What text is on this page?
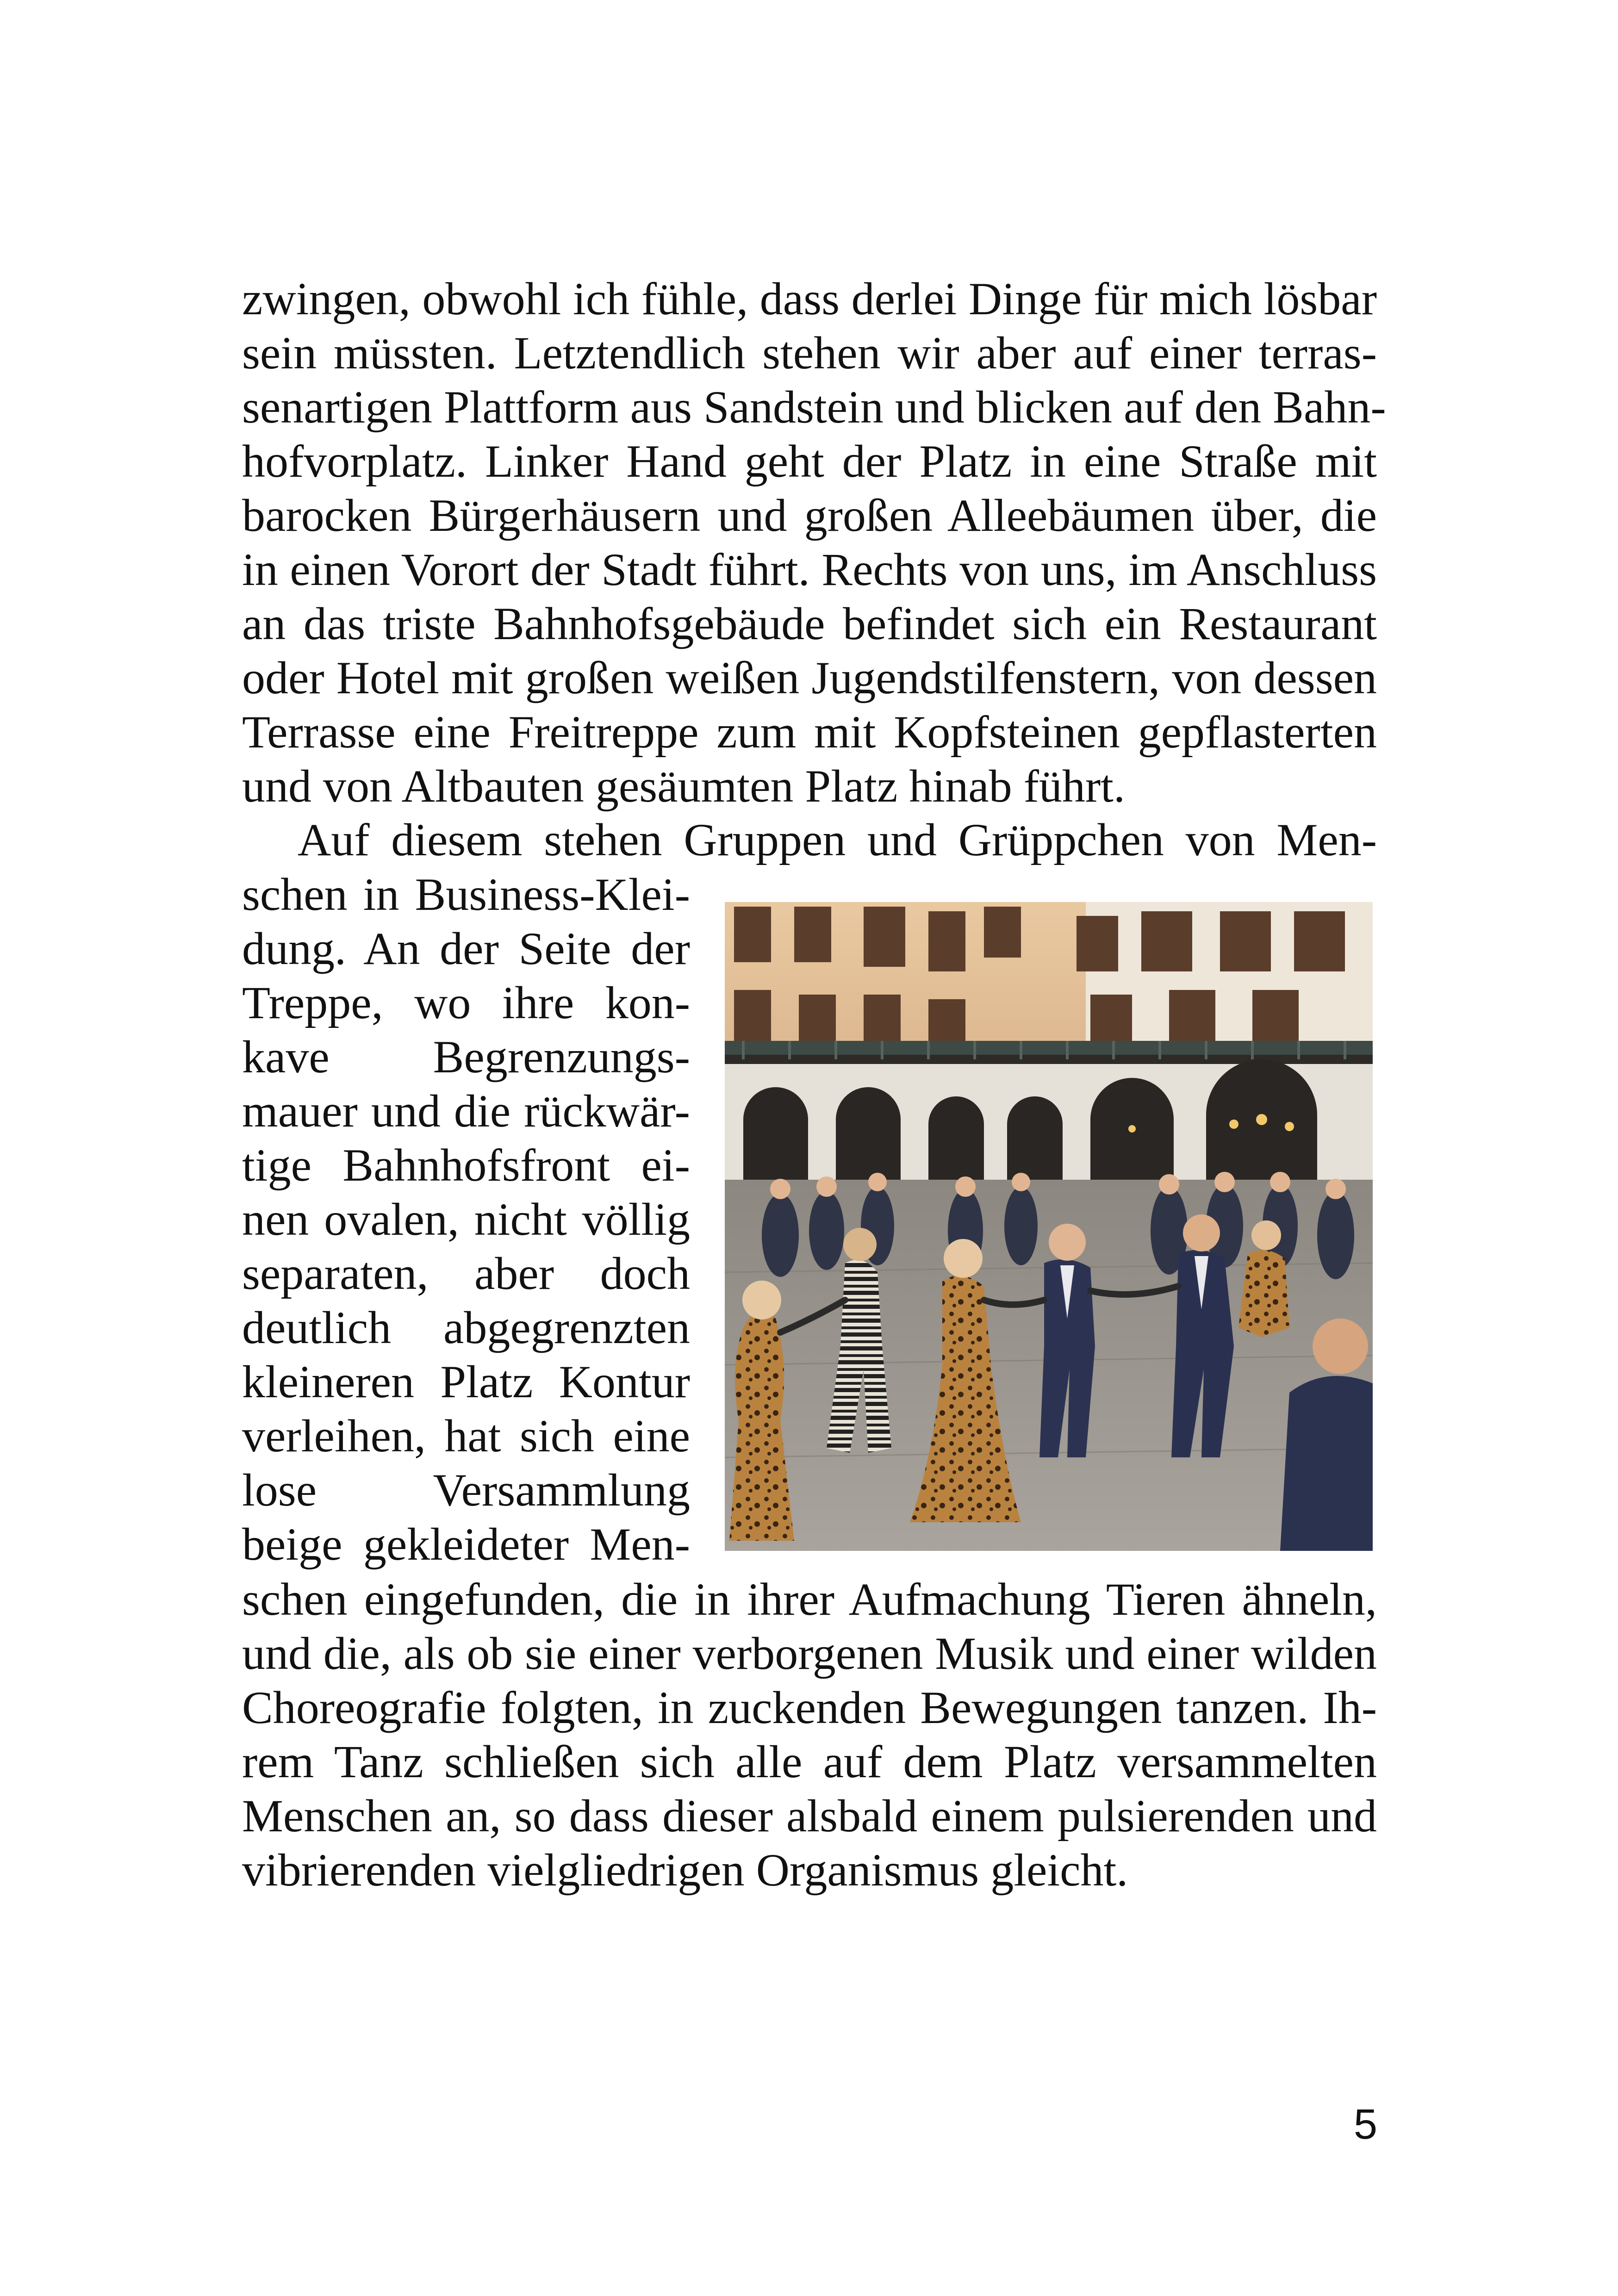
zwingen, obwohl ich fühle, dass derlei Dinge für mich lösbar
sein müssten. Letztendlich stehen wir aber auf einer terras-
senartigen Plattform aus Sandstein und blicken auf den Bahn-
hofvorplatz. Linker Hand geht der Platz in eine Straße mit
barocken Bürgerhäusern und großen Alleebäumen über, die
in einen Vorort der Stadt führt. Rechts von uns, im Anschluss
an das triste Bahnhofsgebäude befindet sich ein Restaurant
oder Hotel mit großen weißen Jugendstilfenstern, von dessen
Terrasse eine Freitreppe zum mit Kopfsteinen gepflasterten
und von Altbauten gesäumten Platz hinab führt.
Auf diesem stehen Gruppen und Grüppchen von Men-
schen in Business-Klei-
dung. An der Seite der
Treppe, wo ihre kon-
kave Begrenzungs-
mauer und die rückwär-
tige Bahnhofsfront ei-
nen ovalen, nicht völlig
separaten, aber doch
deutlich abgegrenzten
kleineren Platz Kontur
verleihen, hat sich eine
lose Versammlung
beige gekleideter Men-
schen eingefunden, die in ihrer Aufmachung Tieren ähneln,
und die, als ob sie einer verborgenen Musik und einer wilden
Choreografie folgten, in zuckenden Bewegungen tanzen. Ih-
rem Tanz schließen sich alle auf dem Platz versammelten
Menschen an, so dass dieser alsbald einem pulsierenden und
vibrierenden vielgliedrigen Organismus gleicht.
5
